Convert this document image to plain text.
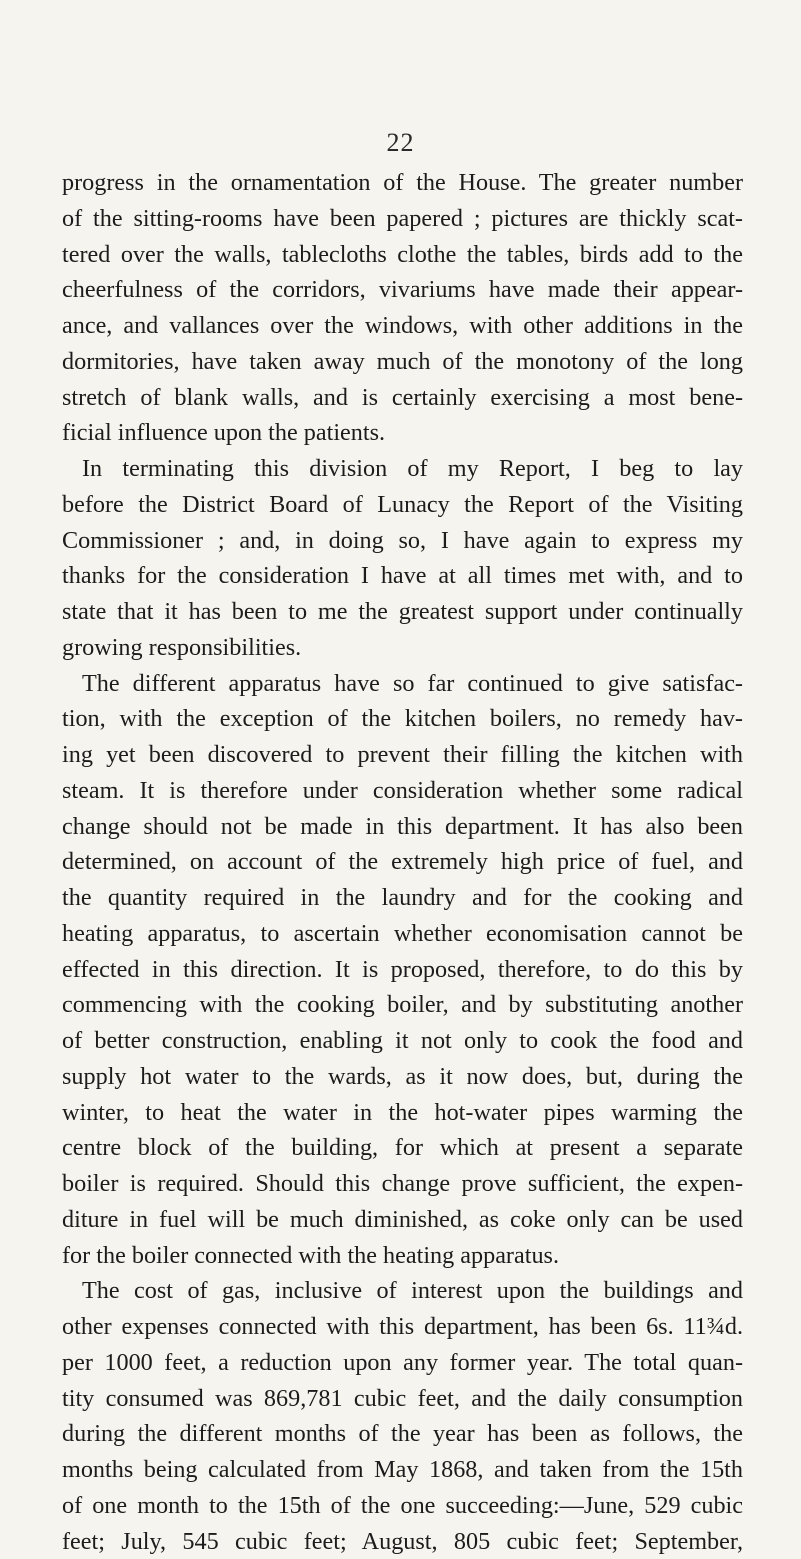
22
progress in the ornamentation of the House. The greater number
of the sitting-rooms have been papered ; pictures are thickly scat-
tered over the walls, tablecloths clothe the tables, birds add to the
cheerfulness of the corridors, vivariums have made their appear-
ance, and vallances over the windows, with other additions in the
dormitories, have taken away much of the monotony of the long
stretch of blank walls, and is certainly exercising a most bene-
ficial influence upon the patients.
In terminating this division of my Report, I beg to lay
before the District Board of Lunacy the Report of the Visiting
Commissioner ; and, in doing so, I have again to express my
thanks for the consideration I have at all times met with, and to
state that it has been to me the greatest support under continually
growing responsibilities.
The different apparatus have so far continued to give satisfac-
tion, with the exception of the kitchen boilers, no remedy hav-
ing yet been discovered to prevent their filling the kitchen with
steam. It is therefore under consideration whether some radical
change should not be made in this department. It has also been
determined, on account of the extremely high price of fuel, and
the quantity required in the laundry and for the cooking and
heating apparatus, to ascertain whether economisation cannot be
effected in this direction. It is proposed, therefore, to do this by
commencing with the cooking boiler, and by substituting another
of better construction, enabling it not only to cook the food and
supply hot water to the wards, as it now does, but, during the
winter, to heat the water in the hot-water pipes warming the
centre block of the building, for which at present a separate
boiler is required. Should this change prove sufficient, the expen-
diture in fuel will be much diminished, as coke only can be used
for the boiler connected with the heating apparatus.
The cost of gas, inclusive of interest upon the buildings and
other expenses connected with this department, has been 6s. 11¾d.
per 1000 feet, a reduction upon any former year. The total quan-
tity consumed was 869,781 cubic feet, and the daily consumption
during the different months of the year has been as follows, the
months being calculated from May 1868, and taken from the 15th
of one month to the 15th of the one succeeding:—June, 529 cubic
feet; July, 545 cubic feet; August, 805 cubic feet; September,
